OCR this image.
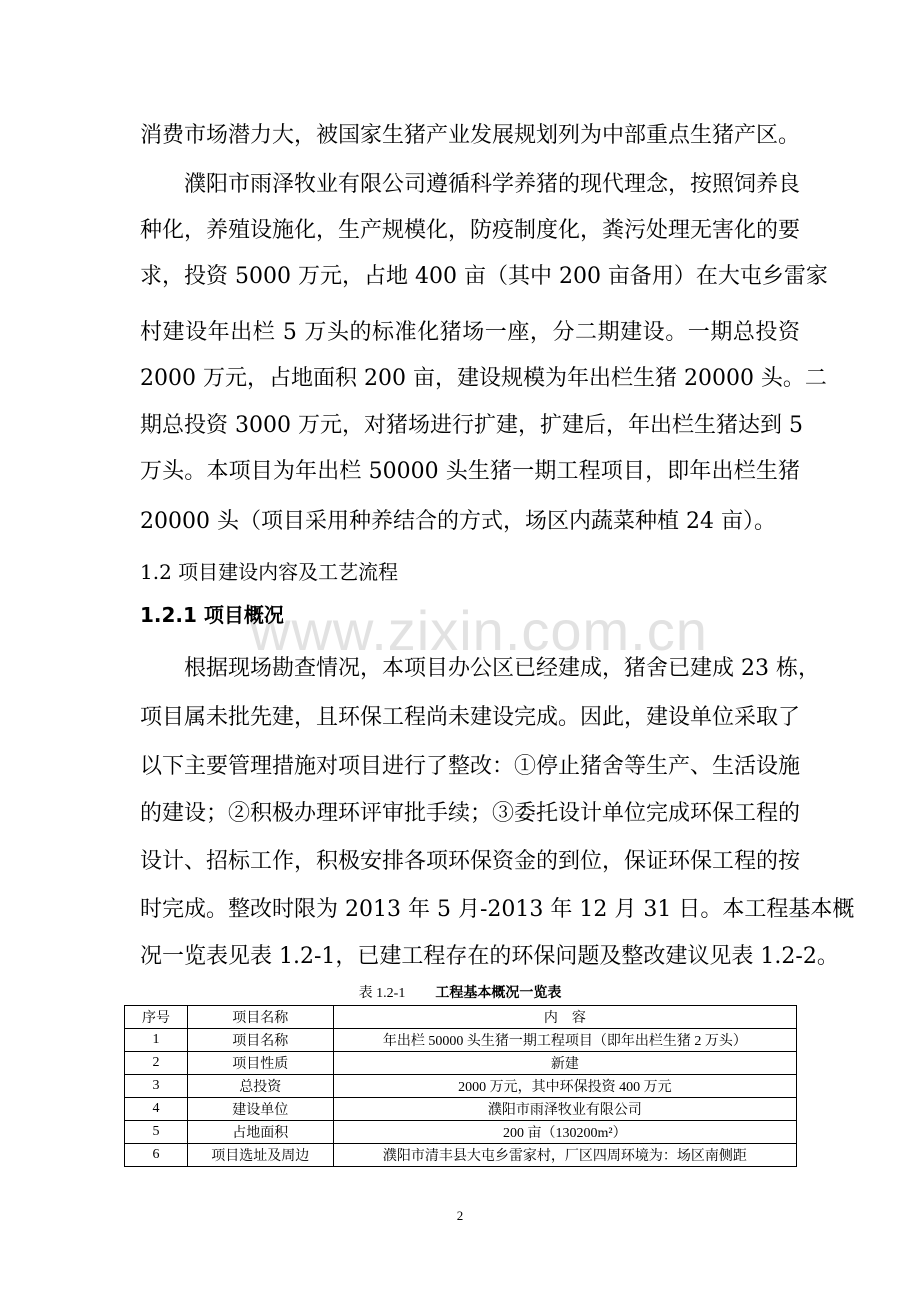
www.zixin.com.cn
消费市场潜力大，被国家生猪产业发展规划列为中部重点生猪产区。
濮阳市雨泽牧业有限公司遵循科学养猪的现代理念，按照饲养良
种化，养殖设施化，生产规模化，防疫制度化，粪污处理无害化的要
求，投资 5000 万元，占地 400 亩（其中 200 亩备用）在大屯乡雷家
村建设年出栏 5 万头的标准化猪场一座，分二期建设。一期总投资
2000 万元，占地面积 200 亩，建设规模为年出栏生猪 20000 头。二
期总投资 3000 万元，对猪场进行扩建，扩建后，年出栏生猪达到 5
万头。本项目为年出栏 50000 头生猪一期工程项目，即年出栏生猪
20000 头（项目采用种养结合的方式，场区内蔬菜种植 24 亩）。
1.2 项目建设内容及工艺流程
1.2.1 项目概况
根据现场勘查情况，本项目办公区已经建成，猪舍已建成 23 栋，
项目属未批先建，且环保工程尚未建设完成。因此，建设单位采取了
以下主要管理措施对项目进行了整改：①停止猪舍等生产、生活设施
的建设；②积极办理环评审批手续；③委托设计单位完成环保工程的
设计、招标工作，积极安排各项环保资金的到位，保证环保工程的按
时完成。整改时限为 2013 年 5 月-2013 年 12 月 31 日。本工程基本概
况一览表见表 1.2-1，已建工程存在的环保问题及整改建议见表 1.2-2。
表 1.2-1 工程基本概况一览表
序号	项目名称	内    容
1	项目名称	年出栏 50000 头生猪一期工程项目（即年出栏生猪 2 万头）
2	项目性质	新建
3	总投资	2000 万元，其中环保投资 400 万元
4	建设单位	濮阳市雨泽牧业有限公司
5	占地面积	200 亩（130200m²）
6	项目选址及周边	濮阳市清丰县大屯乡雷家村，厂区四周环境为：场区南侧距
2
